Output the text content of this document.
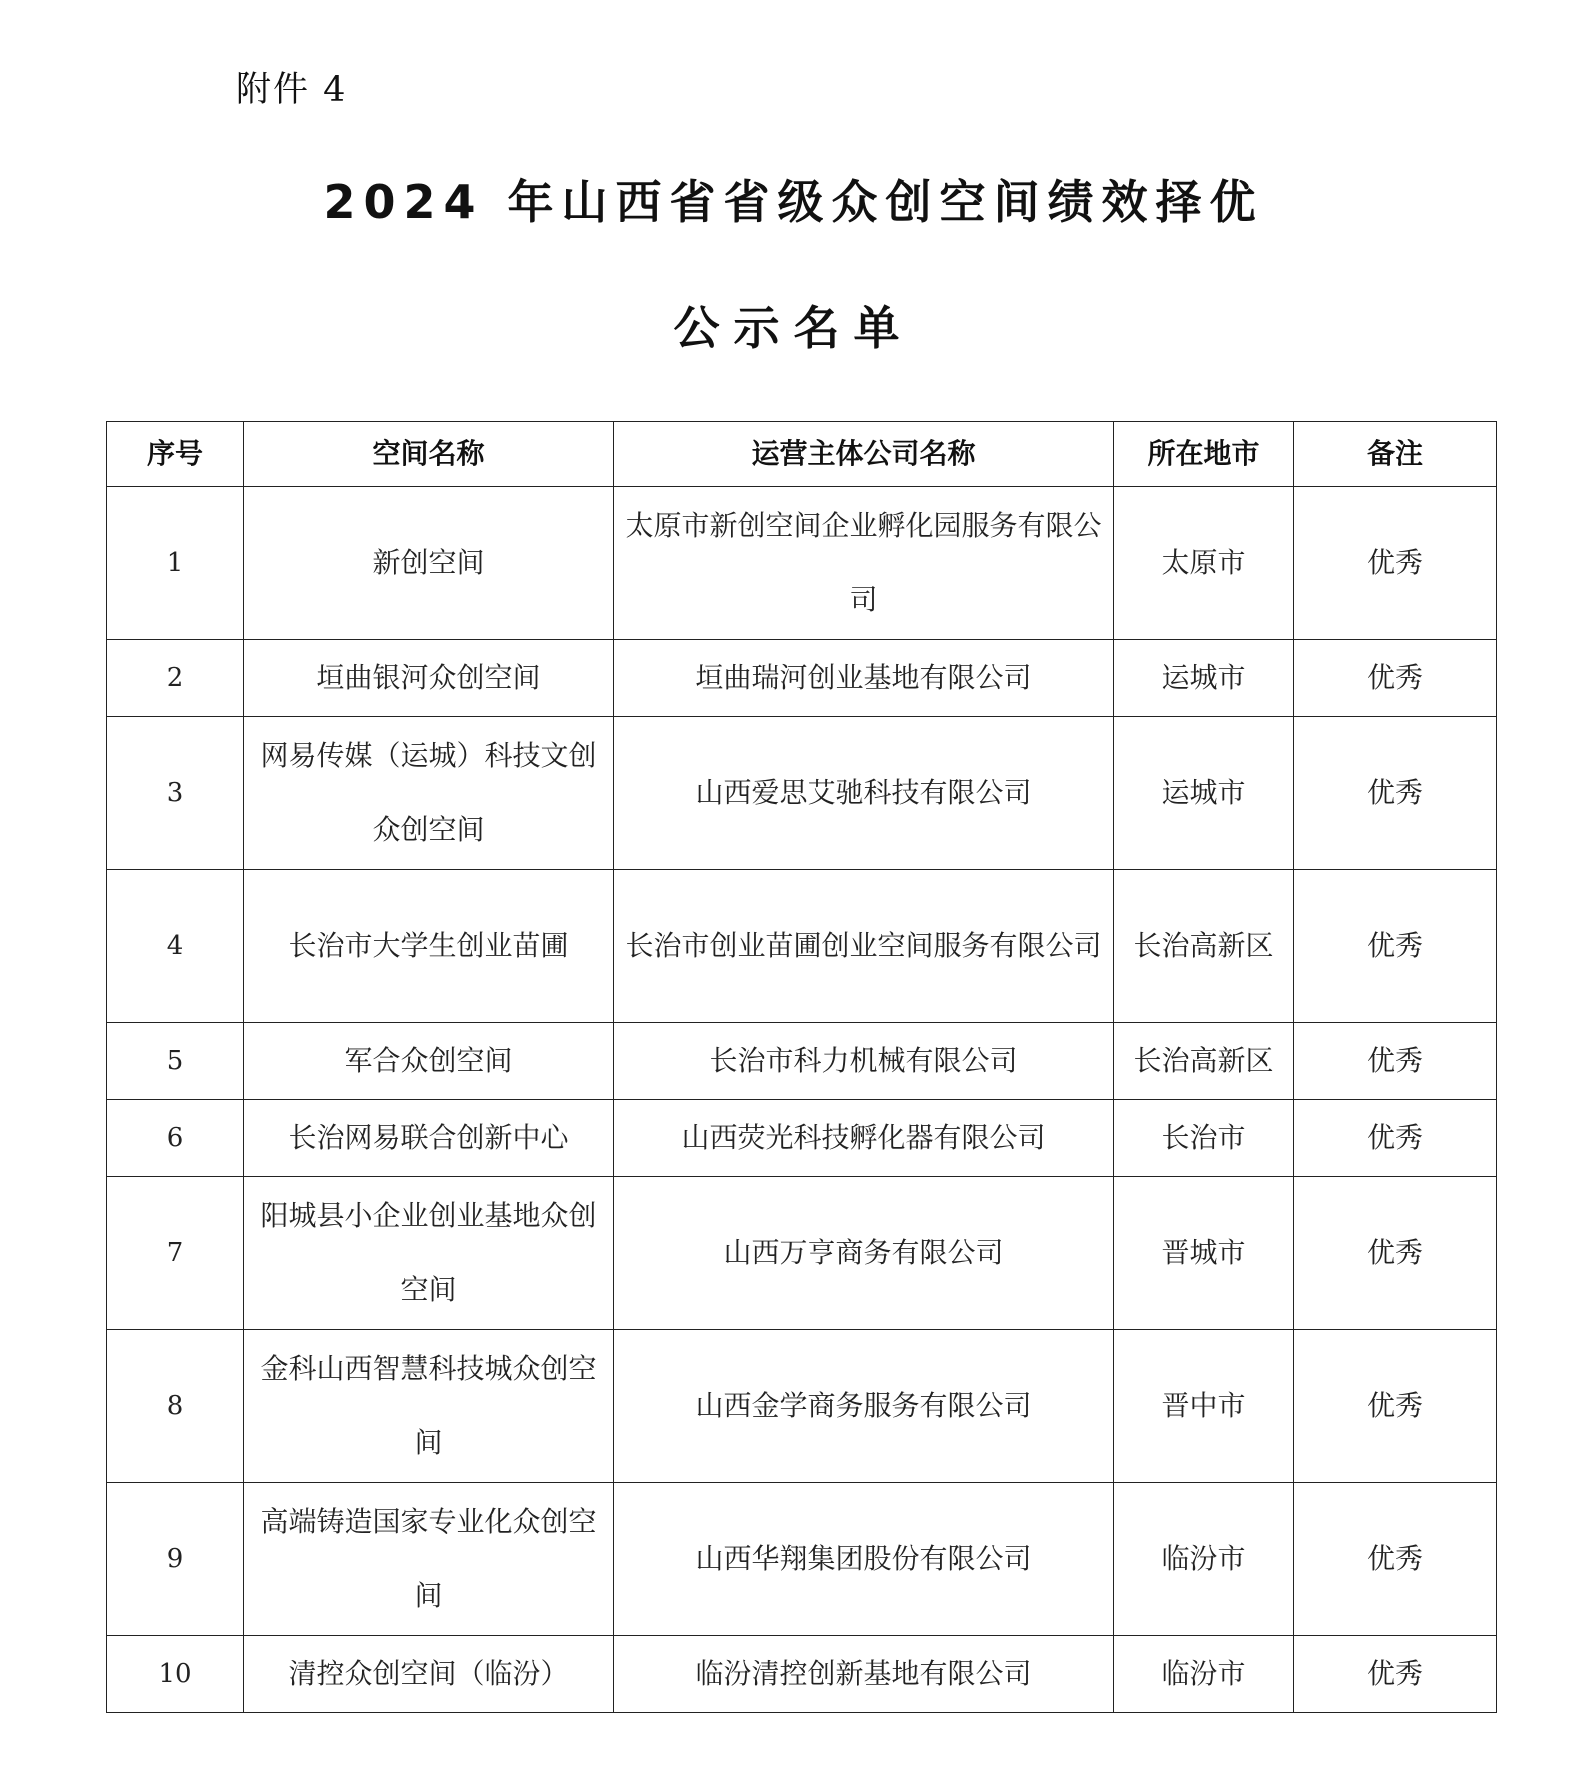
附件 4
2024 年山西省省级众创空间绩效择优
公示名单
序号	空间名称	运营主体公司名称	所在地市	备注
1	新创空间	太原市新创空间企业孵化园服务有限公司	太原市	优秀
2	垣曲银河众创空间	垣曲瑞河创业基地有限公司	运城市	优秀
3	网易传媒（运城）科技文创众创空间	山西爱思艾驰科技有限公司	运城市	优秀
4	长治市大学生创业苗圃	长治市创业苗圃创业空间服务有限公司	长治高新区	优秀
5	军合众创空间	长治市科力机械有限公司	长治高新区	优秀
6	长治网易联合创新中心	山西荧光科技孵化器有限公司	长治市	优秀
7	阳城县小企业创业基地众创空间	山西万亨商务有限公司	晋城市	优秀
8	金科山西智慧科技城众创空间	山西金学商务服务有限公司	晋中市	优秀
9	高端铸造国家专业化众创空间	山西华翔集团股份有限公司	临汾市	优秀
10	清控众创空间（临汾）	临汾清控创新基地有限公司	临汾市	优秀
